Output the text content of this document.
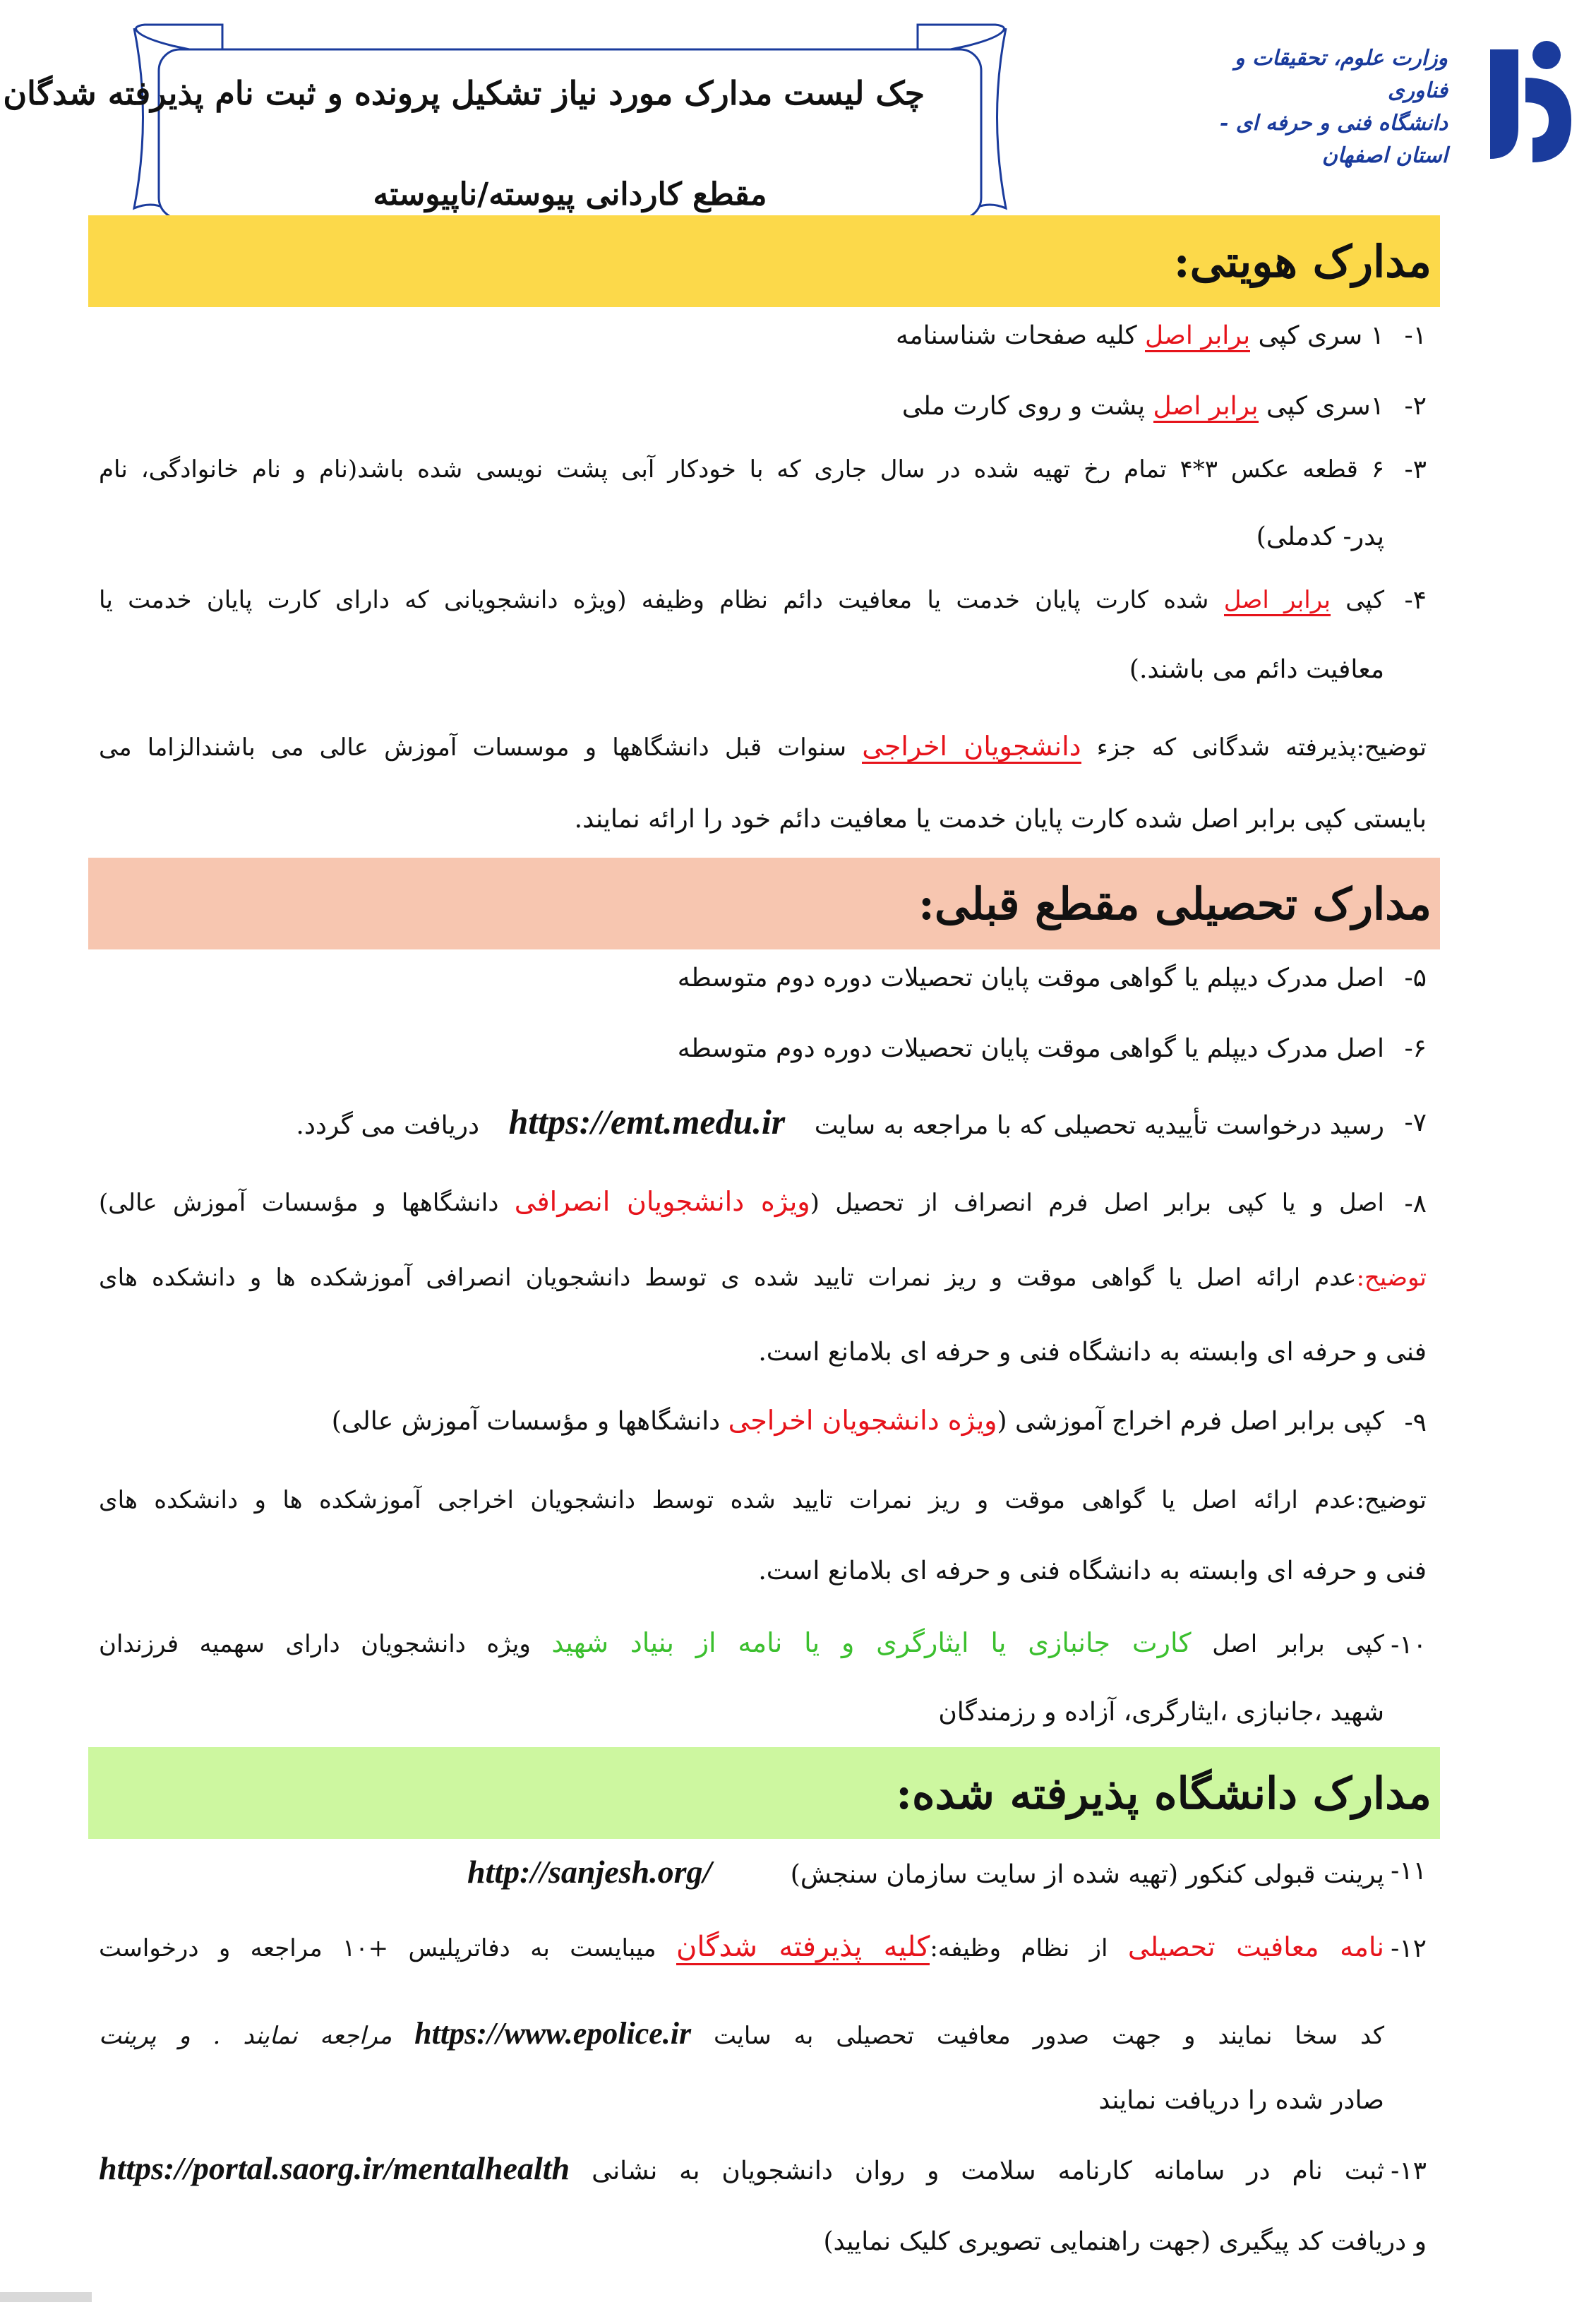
چک لیست مدارک مورد نیاز تشکیل پرونده و ثبت نام پذیرفته شدگان
مقطع کاردانی پیوسته/ناپیوسته
وزارت علوم، تحقیقات و فناوری
دانشگاه فنی و حرفه ای - استان اصفهان
مدارک هویتی:
۱-
۱ سری کپی برابر اصل کلیه صفحات شناسنامه
۲-
۱سری کپی برابر اصل پشت و روی کارت ملی
۳-
۶ قطعه عکس ۳*۴ تمام رخ تهیه شده در سال جاری که با خودکار آبی پشت نویسی شده باشد(نام و نام خانوادگی، نام
پدر- کدملی)
۴-
کپی برابر اصل شده کارت پایان خدمت یا معافیت دائم نظام وظیفه (ویژه دانشجویانی که دارای کارت پایان خدمت یا
معافیت دائم می باشند.)
توضیح:پذیرفته شدگانی که جزء دانشجویان اخراجی سنوات قبل دانشگاهها و موسسات آموزش عالی می باشندالزاما می
بایستی کپی برابر اصل شده کارت پایان خدمت یا معافیت دائم خود را ارائه نمایند.
مدارک تحصیلی مقطع قبلی:
۵-
اصل مدرک دیپلم یا گواهی موقت پایان تحصیلات دوره دوم متوسطه
۶-
اصل مدرک دیپلم یا گواهی موقت پایان تحصیلات دوره دوم متوسطه
۷-
رسید درخواست تأییدیه تحصیلی که با مراجعه به سایت https://emt.medu.ir دریافت می گردد.
۸-
اصل و یا کپی برابر اصل فرم انصراف از تحصیل (ویژه دانشجویان انصرافی دانشگاهها و مؤسسات آموزش عالی)
توضیح:عدم ارائه اصل یا گواهی موقت و ریز نمرات تایید شده ی توسط دانشجویان انصرافی آموزشکده ها و دانشکده های
فنی و حرفه ای وابسته به دانشگاه فنی و حرفه ای بلامانع است.
۹-
کپی برابر اصل فرم اخراج آموزشی (ویژه دانشجویان اخراجی دانشگاهها و مؤسسات آموزش عالی)
توضیح:عدم ارائه اصل یا گواهی موقت و ریز نمرات تایید شده توسط دانشجویان اخراجی آموزشکده ها و دانشکده های
فنی و حرفه ای وابسته به دانشگاه فنی و حرفه ای بلامانع است.
۱۰-
کپی برابر اصل کارت جانبازی یا ایثارگری و یا نامه از بنیاد شهید ویژه دانشجویان دارای سهمیه فرزندان
شهید ،جانبازی ،ایثارگری، آزاده و رزمندگان
مدارک دانشگاه پذیرفته شده:
۱۱-
پرینت قبولی کنکور (تهیه شده از سایت سازمان سنجش) http://sanjesh.org/
۱۲-
نامه معافیت تحصیلی از نظام وظیفه:کلیه پذیرفته شدگان میبایست به دفاترپلیس +۱۰ مراجعه و درخواست
کد سخا نمایند و جهت صدور معافیت تحصیلی به سایت https://www.epolice.ir مراجعه نمایند . و پرینت
صادر شده را دریافت نمایند
۱۳-
ثبت نام در سامانه کارنامه سلامت و روان دانشجویان به نشانی https://portal.saorg.ir/mentalhealth
و دریافت کد پیگیری (جهت راهنمایی تصویری کلیک نمایید)
